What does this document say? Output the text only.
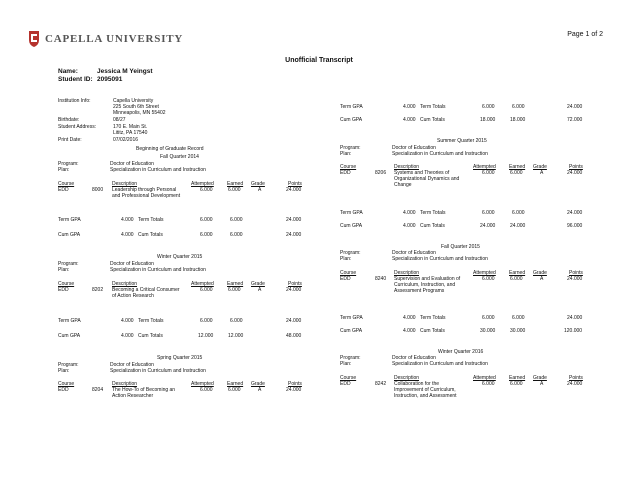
CAPELLA UNIVERSITY	Page 1 of 2
Unofficial Transcript
Name:	Jessica M Yeingst
Student ID: 2095091
Institution Info:	Capella University
225 South 6th Street
Minneapolis, MN 55402
Birthdate:	08/27
Student Address:	170 E. Main St.
Lititz, PA 17540
Print Date:	07/02/2016
Beginning of Graduate Record
Fall Quarter 2014
Program:	Doctor of Education
Plan:	Specialization in Curriculum and Instruction
Course	Description	Attempted	Earned Grade	Points
EDD	8000 Leadership through Personal
and Professional Development
6.000	6.000	A	24.000
Term GPA	4.000 Term Totals	6.000	6.000	24.000
Cum GPA	4.000 Cum Totals	6.000	6.000	24.000
Winter Quarter 2015
Program:	Doctor of Education
Plan:	Specialization in Curriculum and Instruction
Course	Description	Attempted	Earned Grade	Points
EDD	8202 Becoming a Critical Consumer
of Action Research
6.000	6.000	A	24.000
Term GPA	4.000 Term Totals	6.000	6.000	24.000
Cum GPA	4.000 Cum Totals	12.000	12.000	48.000
Spring Quarter 2015
Program:	Doctor of Education
Plan:	Specialization in Curriculum and Instruction
Course	Description	Attempted	Earned Grade	Points
EDD	8204 The How-To of Becoming an
Action Researcher
6.000	6.000	A	24.000
Term GPA	4.000 Term Totals	6.000	6.000	24.000
Cum GPA	4.000 Cum Totals	18.000	18.000	72.000
Summer Quarter 2015
Program:	Doctor of Education
Plan:	Specialization in Curriculum and Instruction
Course	Description	Attempted	Earned Grade	Points
EDD	8206 Systems and Theories of
Organizational Dynamics and
Change
6.000	6.000	A	24.000
Term GPA	4.000 Term Totals	6.000	6.000	24.000
Cum GPA	4.000 Cum Totals	24.000	24.000	96.000
Fall Quarter 2015
Program:	Doctor of Education
Plan:	Specialization in Curriculum and Instruction
Course	Description	Attempted	Earned Grade	Points
EDD	8240 Supervision and Evaluation of
Curriculum, Instruction, and
Assessment Programs
6.000	6.000	A	24.000
Term GPA	4.000 Term Totals	6.000	6.000	24.000
Cum GPA	4.000 Cum Totals	30.000	30.000	120.000
Winter Quarter 2016
Program:	Doctor of Education
Plan:	Specialization in Curriculum and Instruction
Course	Description	Attempted	Earned Grade	Points
EDD	8242 Collaboration for the
Improvement of Curriculum,
Instruction, and Assessment
6.000	6.000	A	24.000
